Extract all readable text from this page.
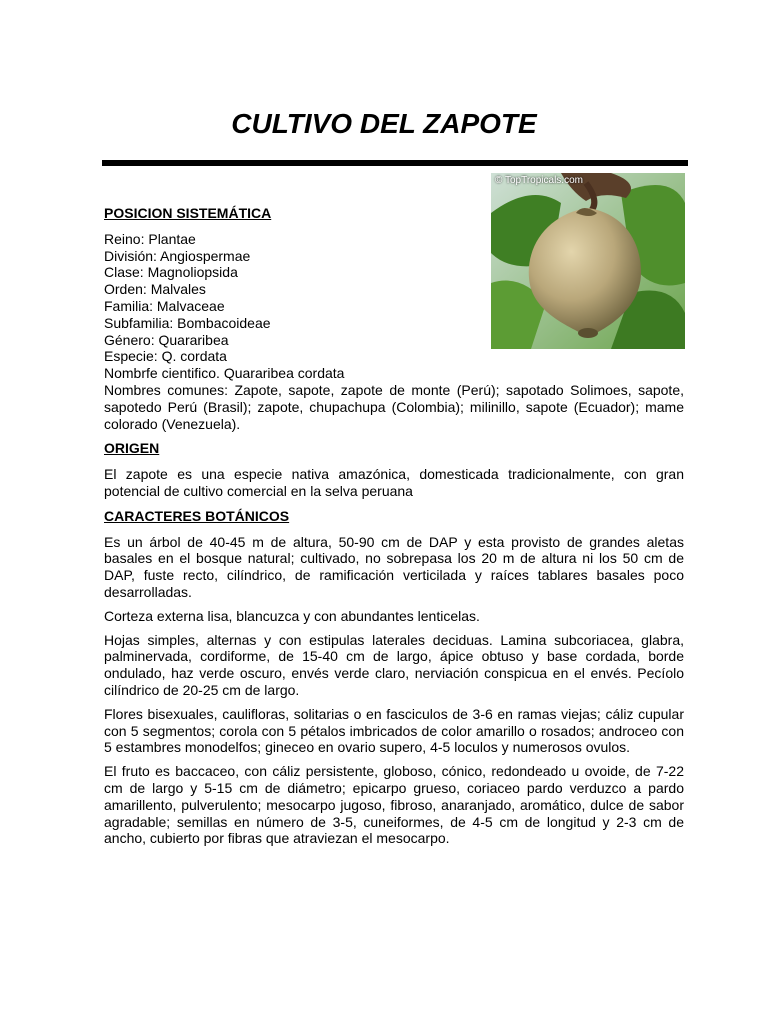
CULTIVO DEL ZAPOTE
© TopTropicals.com

POSICION SISTEMÁTICA

Reino: Plantae

División: Angiospermae

Clase: Magnoliopsida

Orden: Malvales

Familia: Malvaceae

Subfamilia: Bombacoideae

Género: Quararibea

Especie: Q. cordata

Nombrfe cientifico. Quararibea cordata

Nombres comunes: Zapote, sapote, zapote de monte (Perú); sapotado Solimoes, sapote, sapotedo Perú (Brasil); zapote, chupachupa (Colombia); milinillo, sapote (Ecuador); mame colorado (Venezuela).

ORIGEN

El zapote es una especie nativa amazónica, domesticada tradicionalmente, con gran potencial de cultivo comercial en la selva peruana

CARACTERES BOTÁNICOS

Es un árbol de 40-45 m de altura, 50-90 cm de DAP y esta provisto de grandes aletas basales en el bosque natural; cultivado, no sobrepasa los 20 m de altura ni los 50 cm de DAP, fuste recto, cilíndrico, de ramificación verticilada y raíces tablares basales poco desarrolladas.

Corteza externa lisa, blancuzca y con abundantes lenticelas.

Hojas simples, alternas y con estipulas laterales deciduas. Lamina subcoriacea, glabra, palminervada, cordiforme, de 15-40 cm de largo, ápice obtuso y base cordada, borde ondulado, haz verde oscuro, envés verde claro, nerviación conspicua en el envés. Pecíolo cilíndrico de 20-25 cm de largo.

Flores bisexuales, caulifloras, solitarias o en fasciculos de 3-6 en ramas viejas; cáliz cupular con 5 segmentos; corola con 5 pétalos imbricados de color amarillo o rosados; androceo con 5 estambres monodelfos; gineceo en ovario supero, 4-5 loculos y numerosos ovulos.

El fruto es baccaceo, con cáliz persistente, globoso, cónico, redondeado u ovoide, de 7-22 cm de largo y 5-15 cm de diámetro; epicarpo grueso, coriaceo pardo verduzco a pardo amarillento, pulverulento; mesocarpo jugoso, fibroso, anaranjado, aromático, dulce de sabor agradable; semillas en número de 3-5, cuneiformes, de 4-5 cm de longitud y 2-3 cm de ancho, cubierto por fibras que atraviezan el mesocarpo.
